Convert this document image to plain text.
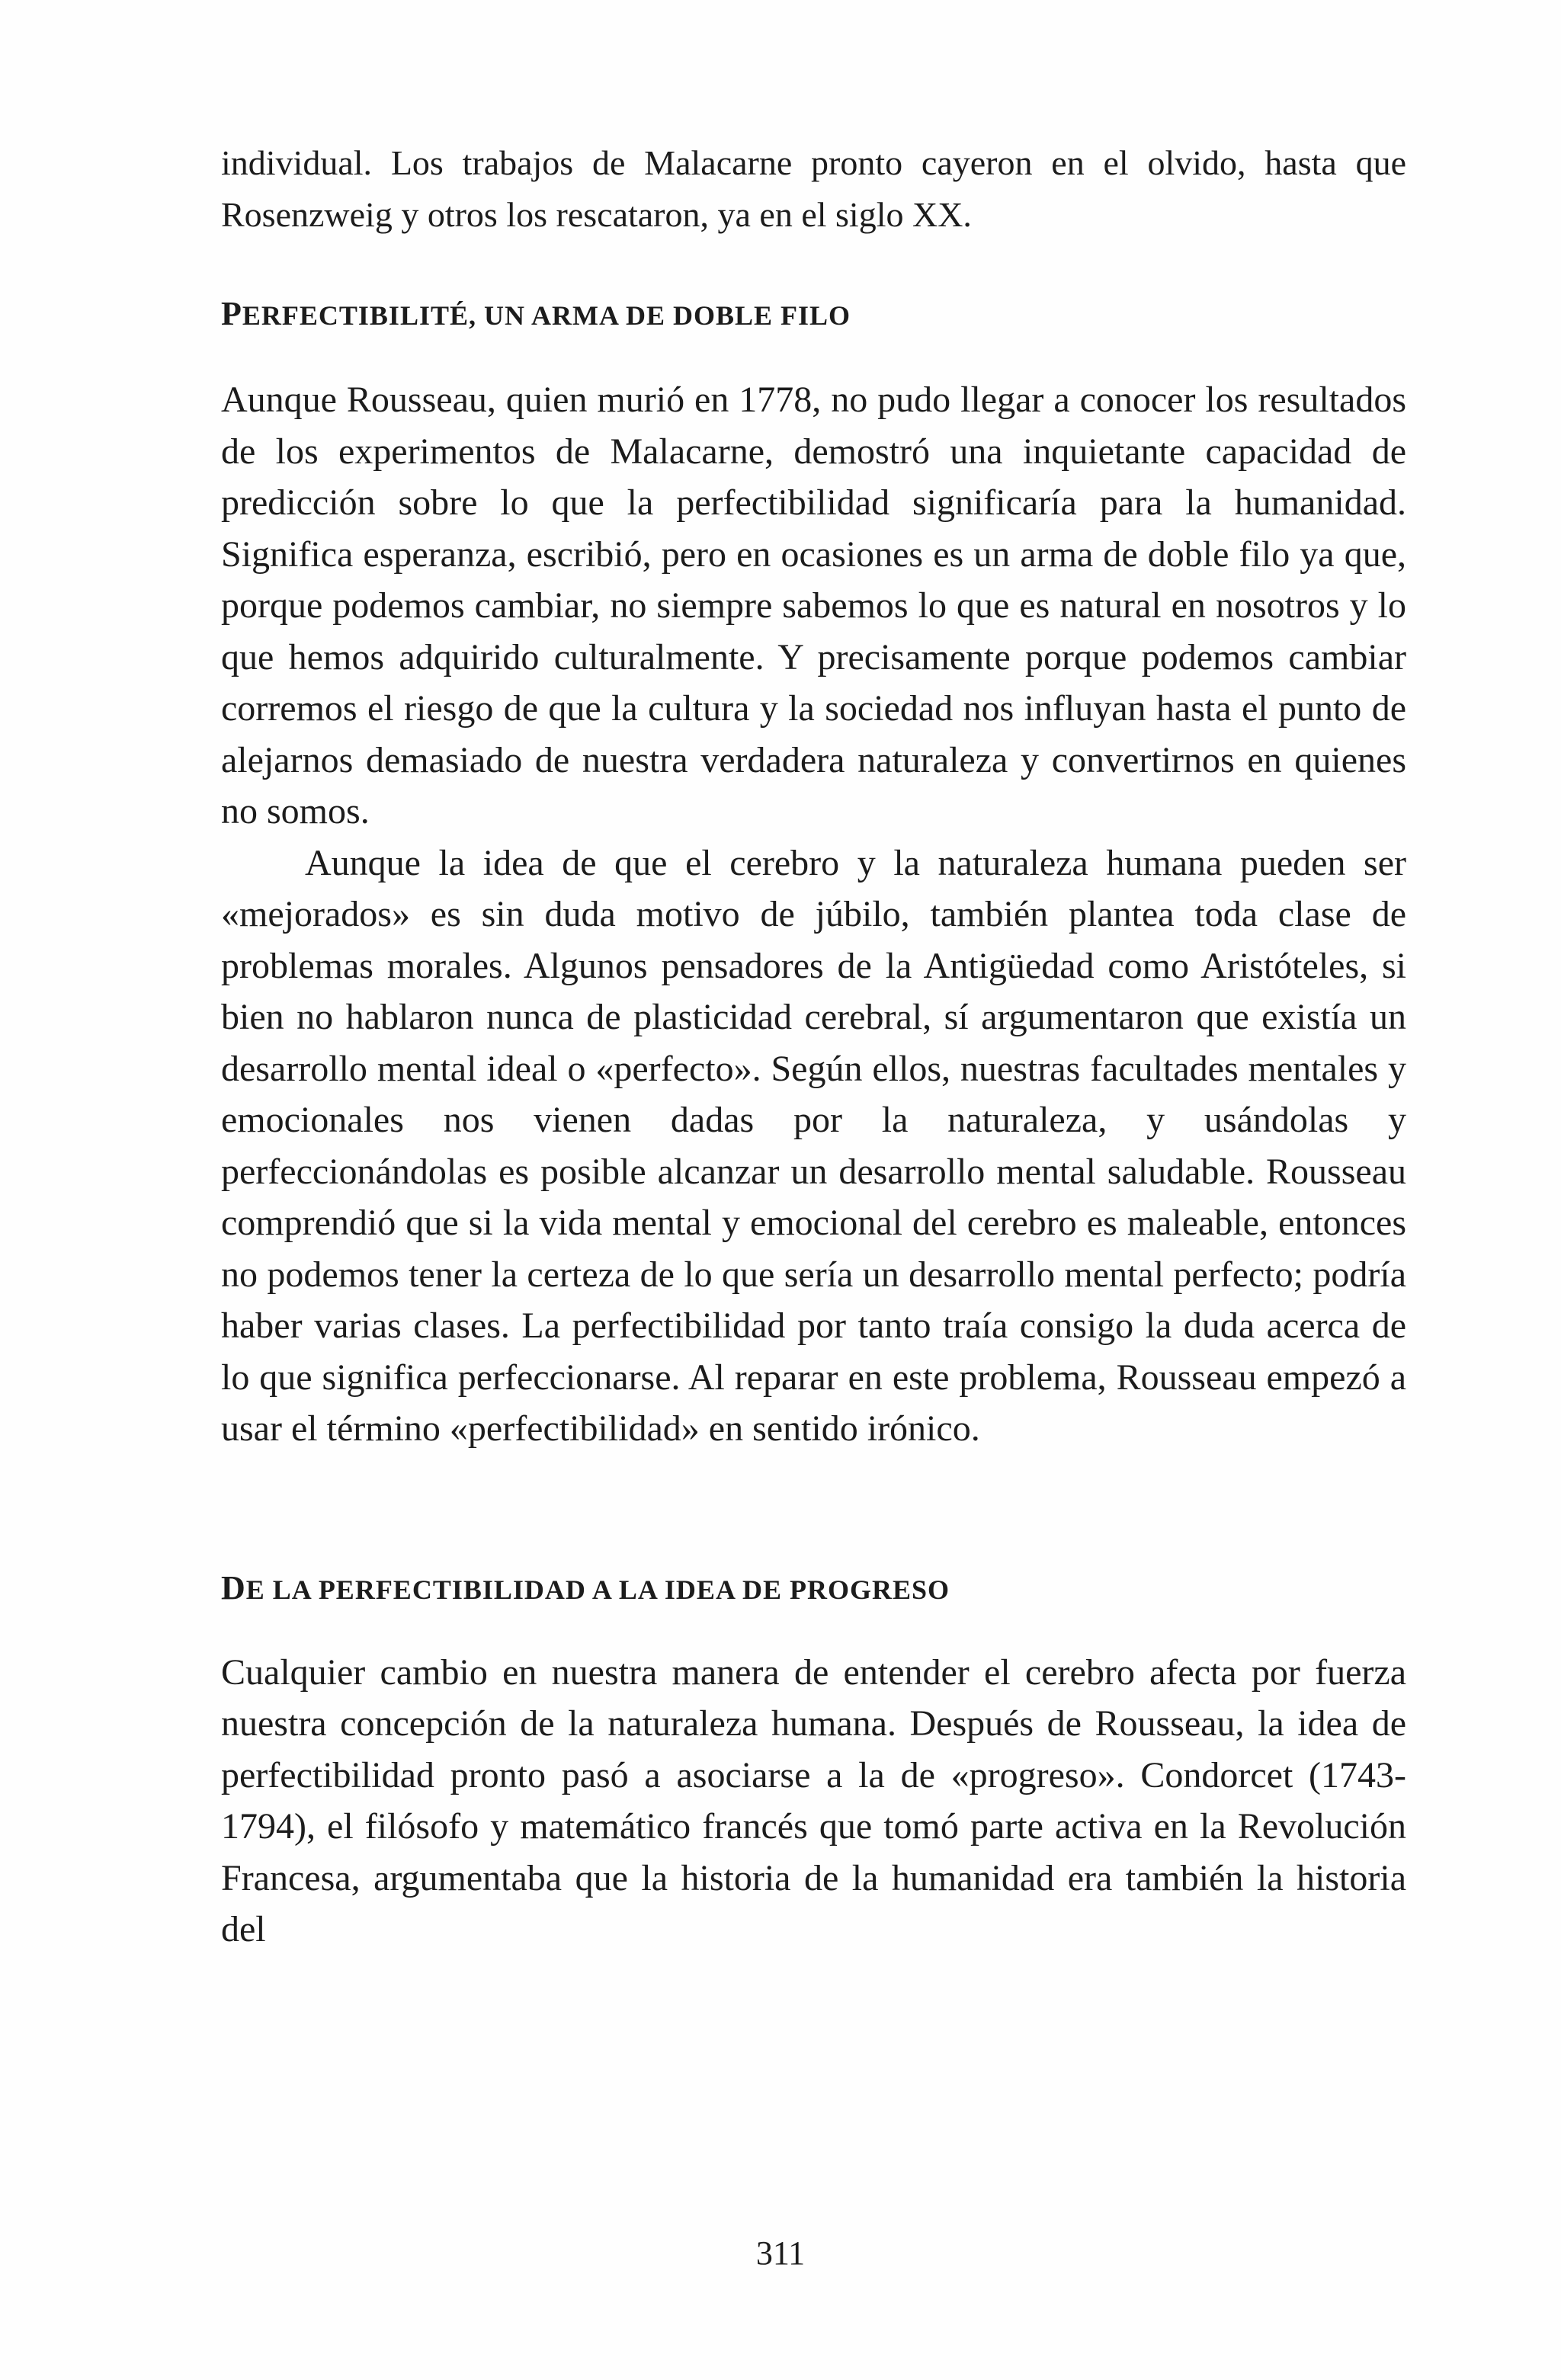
individual. Los trabajos de Malacarne pronto cayeron en el olvido, hasta que Rosenzweig y otros los rescataron, ya en el siglo XX.

PERFECTIBILITÉ, UN ARMA DE DOBLE FILO

Aunque Rousseau, quien murió en 1778, no pudo llegar a conocer los resultados de los experimentos de Malacarne, demostró una inquietante capacidad de predicción sobre lo que la perfectibilidad significaría para la humanidad. Significa esperanza, escribió, pero en ocasiones es un arma de doble filo ya que, porque podemos cambiar, no siempre sabemos lo que es natural en nosotros y lo que hemos adquirido culturalmente. Y precisamente porque podemos cambiar corremos el riesgo de que la cultura y la sociedad nos influyan hasta el punto de alejarnos demasiado de nuestra verdadera naturaleza y convertirnos en quienes no somos.

Aunque la idea de que el cerebro y la naturaleza humana pueden ser «mejorados» es sin duda motivo de júbilo, también plantea toda clase de problemas morales. Algunos pensadores de la Antigüedad como Aristóteles, si bien no hablaron nunca de plasticidad cerebral, sí argumentaron que existía un desarrollo mental ideal o «perfecto». Según ellos, nuestras facultades mentales y emocionales nos vienen dadas por la naturaleza, y usándolas y perfeccionándolas es posible alcanzar un desarrollo mental saludable. Rousseau comprendió que si la vida mental y emocional del cerebro es maleable, entonces no podemos tener la certeza de lo que sería un desarrollo mental perfecto; podría haber varias clases. La perfectibilidad por tanto traía consigo la duda acerca de lo que significa perfeccionarse. Al reparar en este problema, Rousseau empezó a usar el término «perfectibilidad» en sentido irónico.

DE LA PERFECTIBILIDAD A LA IDEA DE PROGRESO

Cualquier cambio en nuestra manera de entender el cerebro afecta por fuerza nuestra concepción de la naturaleza humana. Después de Rousseau, la idea de perfectibilidad pronto pasó a asociarse a la de «progreso». Condorcet (1743-1794), el filósofo y matemático francés que tomó parte activa en la Revolución Francesa, argumentaba que la historia de la humanidad era también la historia del

311
